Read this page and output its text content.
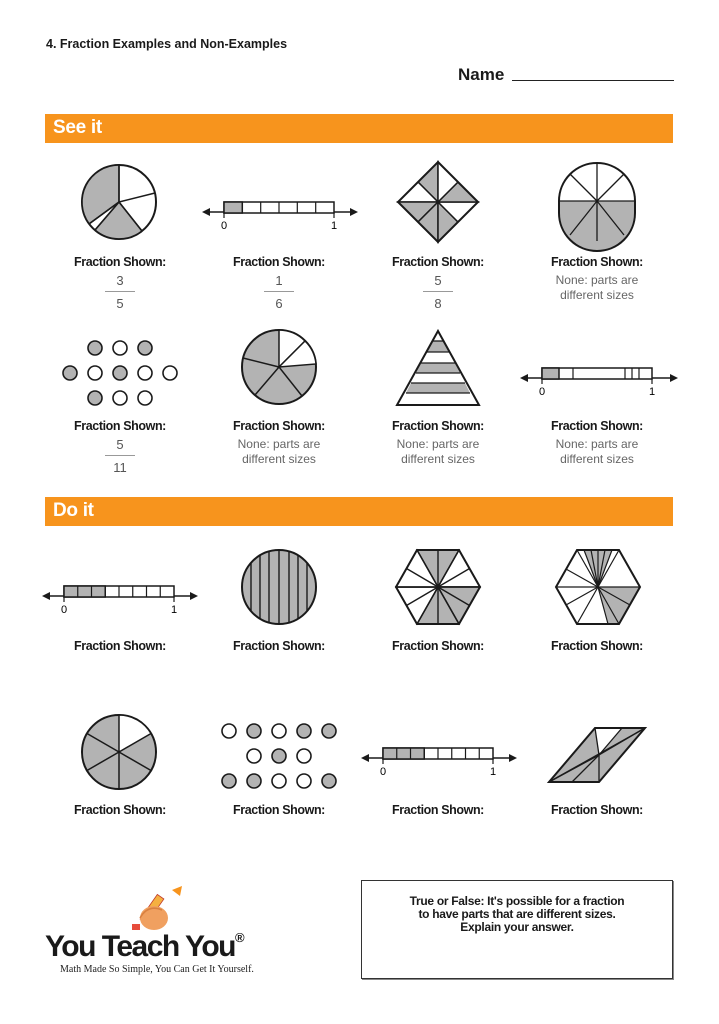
4. Fraction Examples and Non-Examples
Name
See it
0	1
Fraction Shown:
3
5
Fraction Shown:
1
6
Fraction Shown:
5
8
Fraction Shown:
None: parts are
different sizes
0	1
Fraction Shown:
5
11
Fraction Shown:
None: parts are
different sizes
Fraction Shown:
None: parts are
different sizes
Fraction Shown:
None: parts are
different sizes
Do it
0	1
Fraction Shown:	Fraction Shown:	Fraction Shown:	Fraction Shown:
0	1
Fraction Shown:	Fraction Shown:	Fraction Shown:	Fraction Shown:
You Teach You®
Math Made So Simple, You Can Get It Yourself.
True or False: It's possible for a fraction
to have parts that are different sizes.
Explain your answer.
